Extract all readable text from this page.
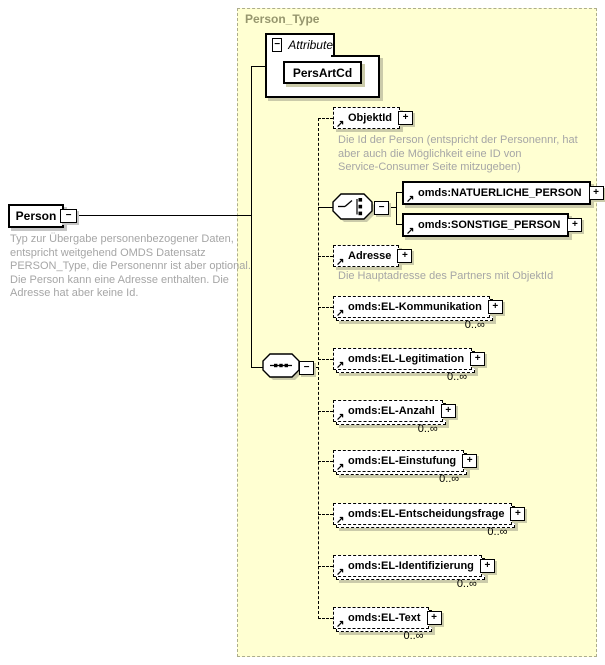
Person_Type
Person −
Typ zur Übergabe personenbezogener Daten,
entspricht weitgehend OMDS Datensatz
PERSON_Type, die Personennr ist aber optional.
Die Person kann eine Adresse enthalten. Die
Adresse hat aber keine Id.
− Attribute
PersArtCd
−
−
↗
ObjektId	+
Die Id der Person (entspricht der Personennr, hat
aber auch die Möglichkeit eine ID von
Service-Consumer Seite mitzugeben)
↗
omds:NATUERLICHE_PERSON	+
↗
omds:SONSTIGE_PERSON	+
↗
Adresse	+
Die Hauptadresse des Partners mit ObjektId
↗
omds:EL-Kommunikation	+
0..∞
↗
omds:EL-Legitimation	+
0..∞
↗
omds:EL-Anzahl	+
0..∞
↗
omds:EL-Einstufung	+
0..∞
↗
omds:EL-Entscheidungsfrage	+
0..∞
↗
omds:EL-Identifizierung	+
0..∞
↗
omds:EL-Text	+
0..∞
